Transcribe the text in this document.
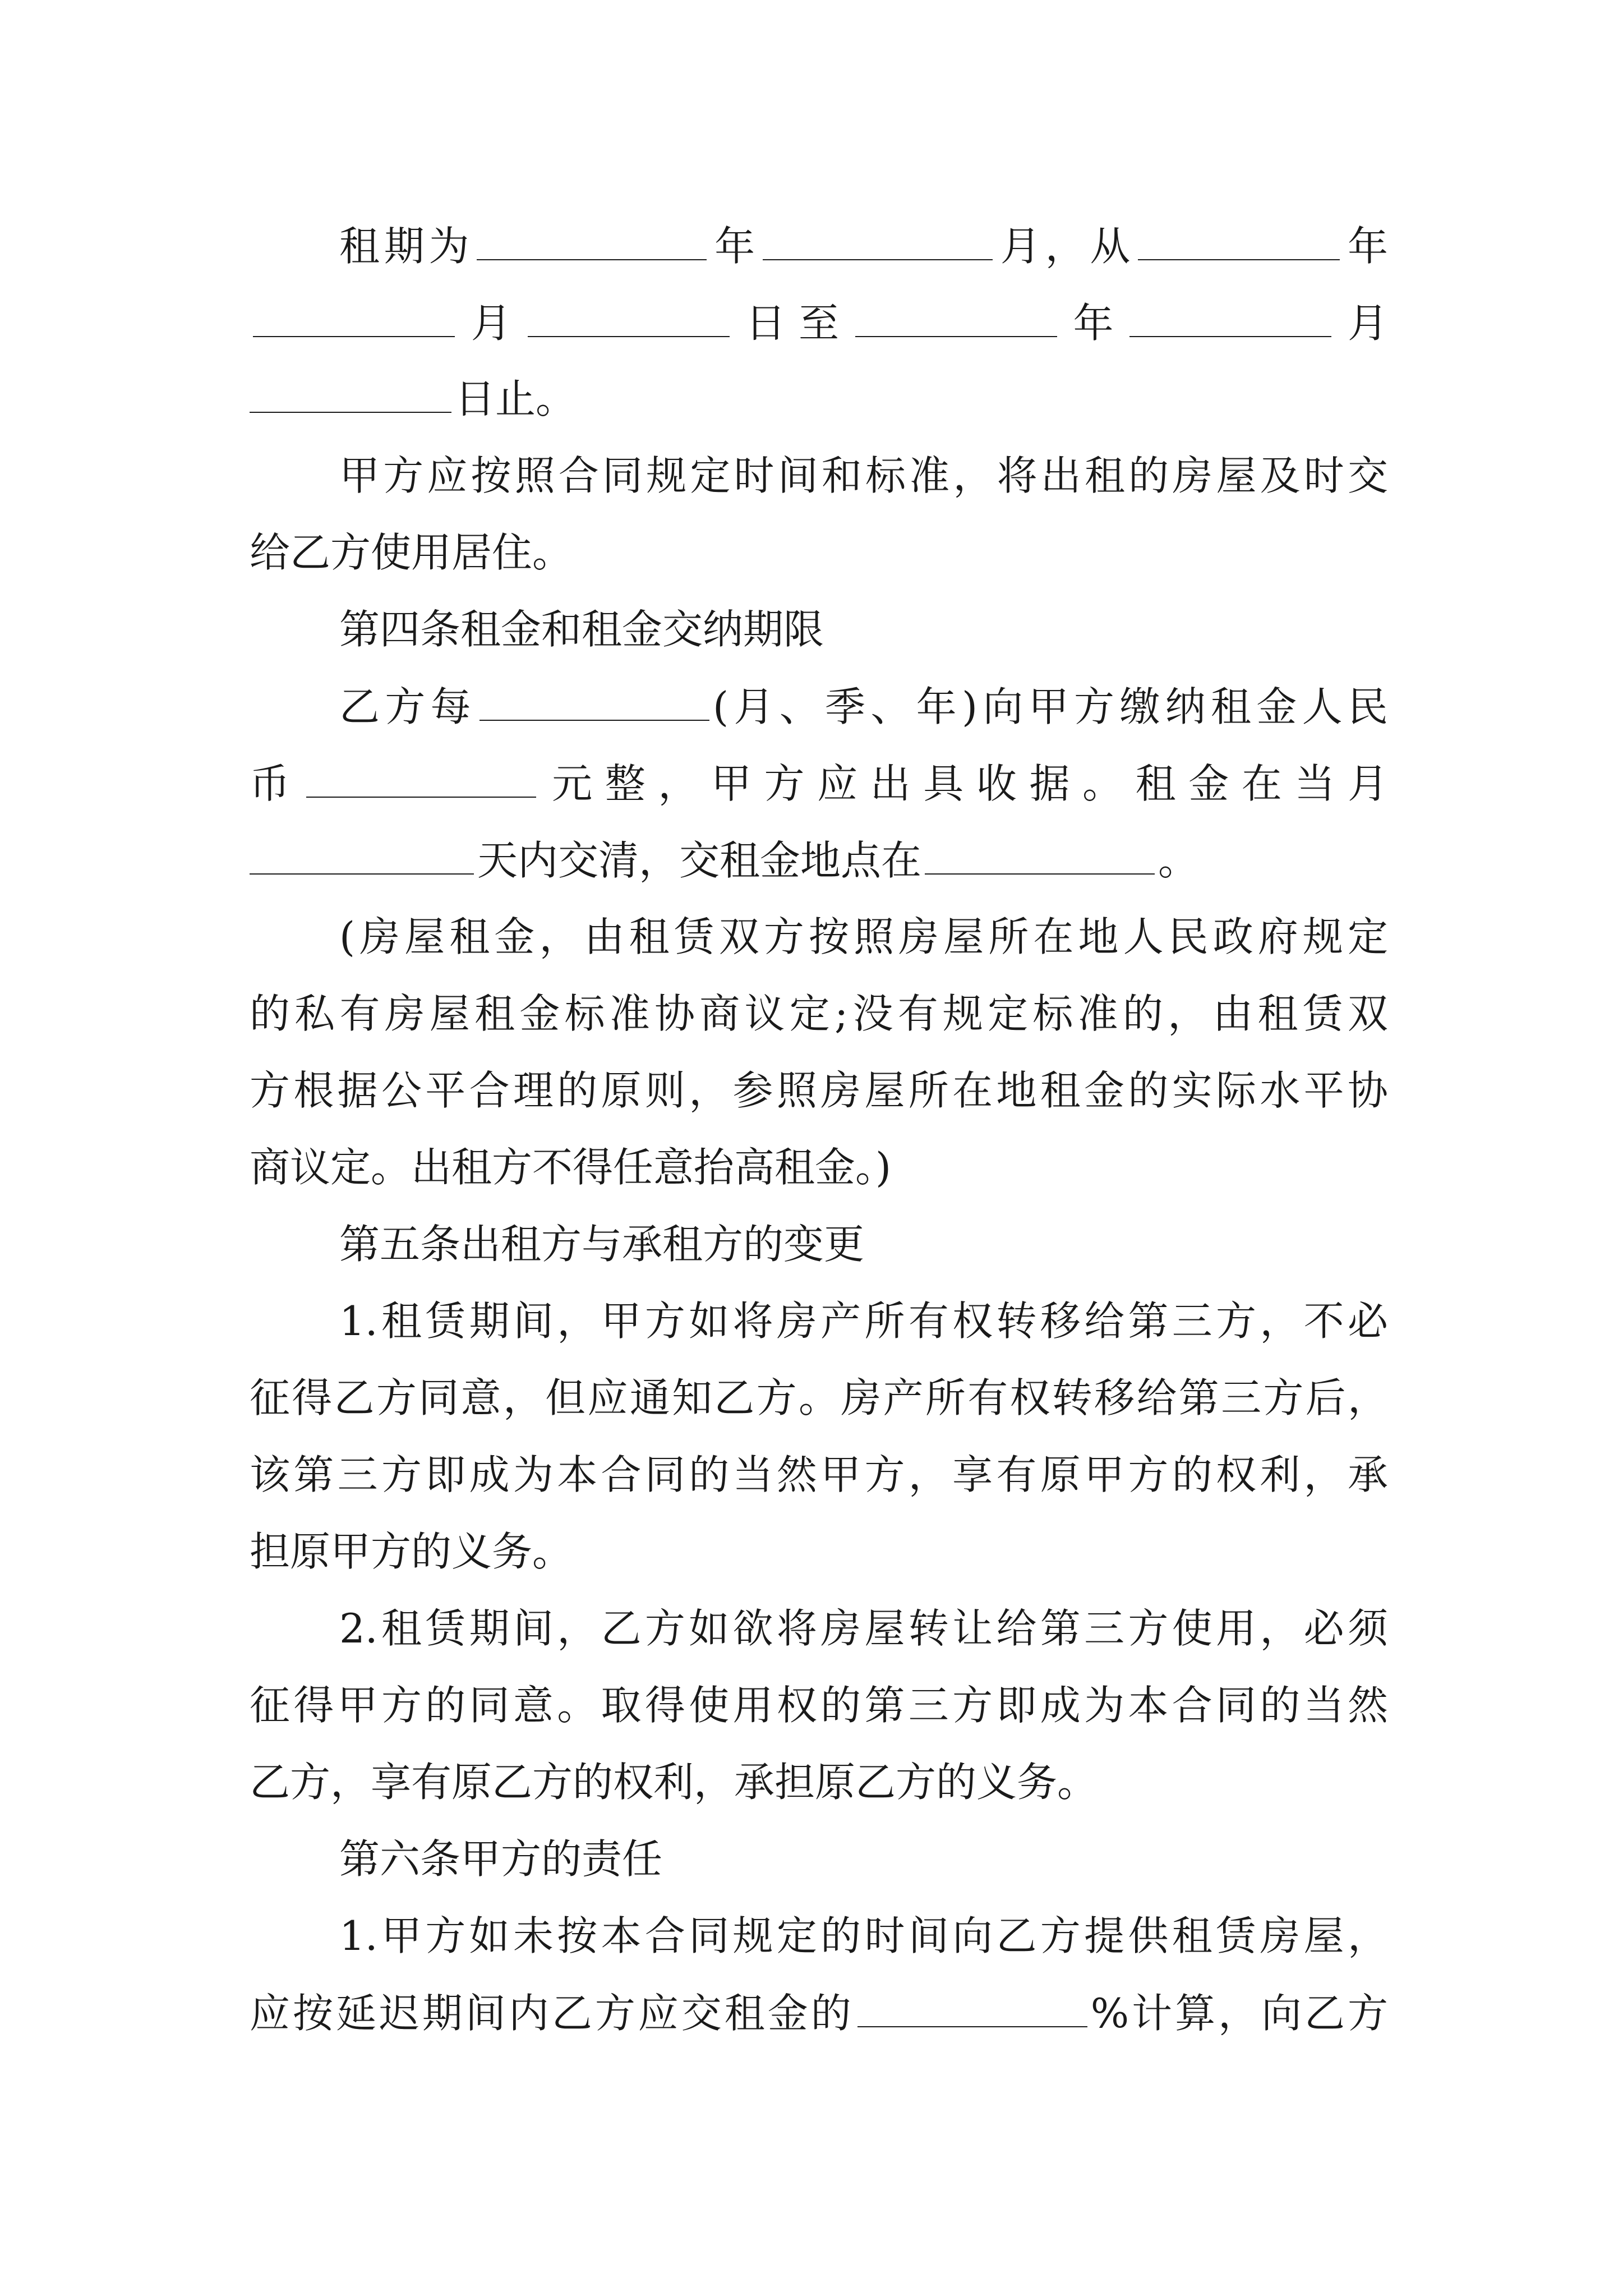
租期为	年	月，从	年

月	日至	年	月

日止。

甲方应按照合同规定时间和标准，将出租的房屋及时交

给乙方使用居住。

第四条租金和租金交纳期限

乙方每	(月、季、年)向甲方缴纳租金人民

币	元整，甲方应出具收据。租金在当月

天内交清，交租金地点在	。

(房屋租金，由租赁双方按照房屋所在地人民政府规定

的私有房屋租金标准协商议定;没有规定标准的，由租赁双

方根据公平合理的原则，参照房屋所在地租金的实际水平协

商议定。出租方不得任意抬高租金。)

第五条出租方与承租方的变更

1.租赁期间，甲方如将房产所有权转移给第三方，不必

征得乙方同意，但应通知乙方。房产所有权转移给第三方后，

该第三方即成为本合同的当然甲方，享有原甲方的权利，承

担原甲方的义务。

2.租赁期间，乙方如欲将房屋转让给第三方使用，必须

征得甲方的同意。取得使用权的第三方即成为本合同的当然

乙方，享有原乙方的权利，承担原乙方的义务。

第六条甲方的责任

1.甲方如未按本合同规定的时间向乙方提供租赁房屋，

应按延迟期间内乙方应交租金的	%计算，向乙方
